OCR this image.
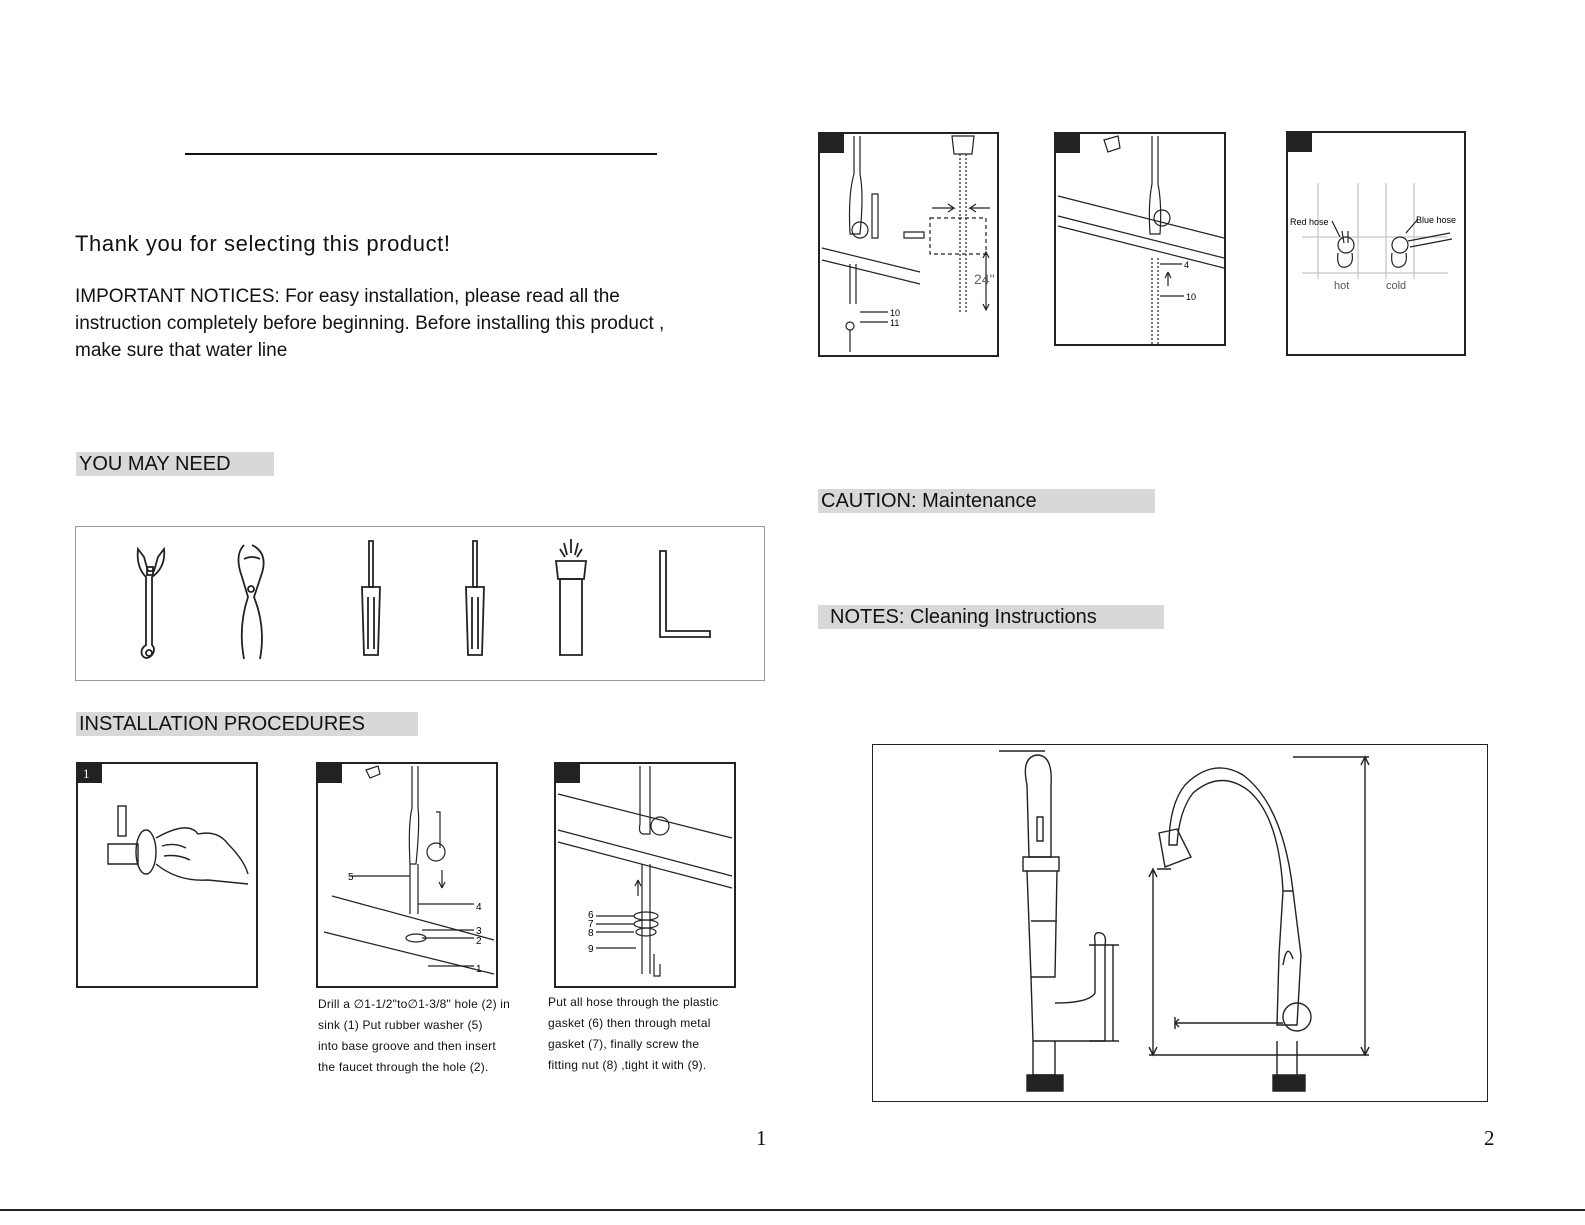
Thank you for selecting this product!
IMPORTANT NOTICES: For easy installation, please read all the
instruction completely before beginning. Before installing this product ,
make sure that water line
YOU MAY NEED
INSTALLATION PROCEDURES
1
5
4
3
2
1
6
7
8
9
Drill a ∅1-1/2"to∅1-3/8" hole (2) in
sink (1) Put rubber washer (5)
into base groove and then insert
the faucet through the hole (2).
Put all hose through the plastic
gasket (6) then through metal
gasket (7), finally screw the
fitting nut (8) ,tight it with (9).
1
24"
10
11
4
10
Red hose	Blue hose
hot	cold
CAUTION: Maintenance
NOTES: Cleaning Instructions
2
